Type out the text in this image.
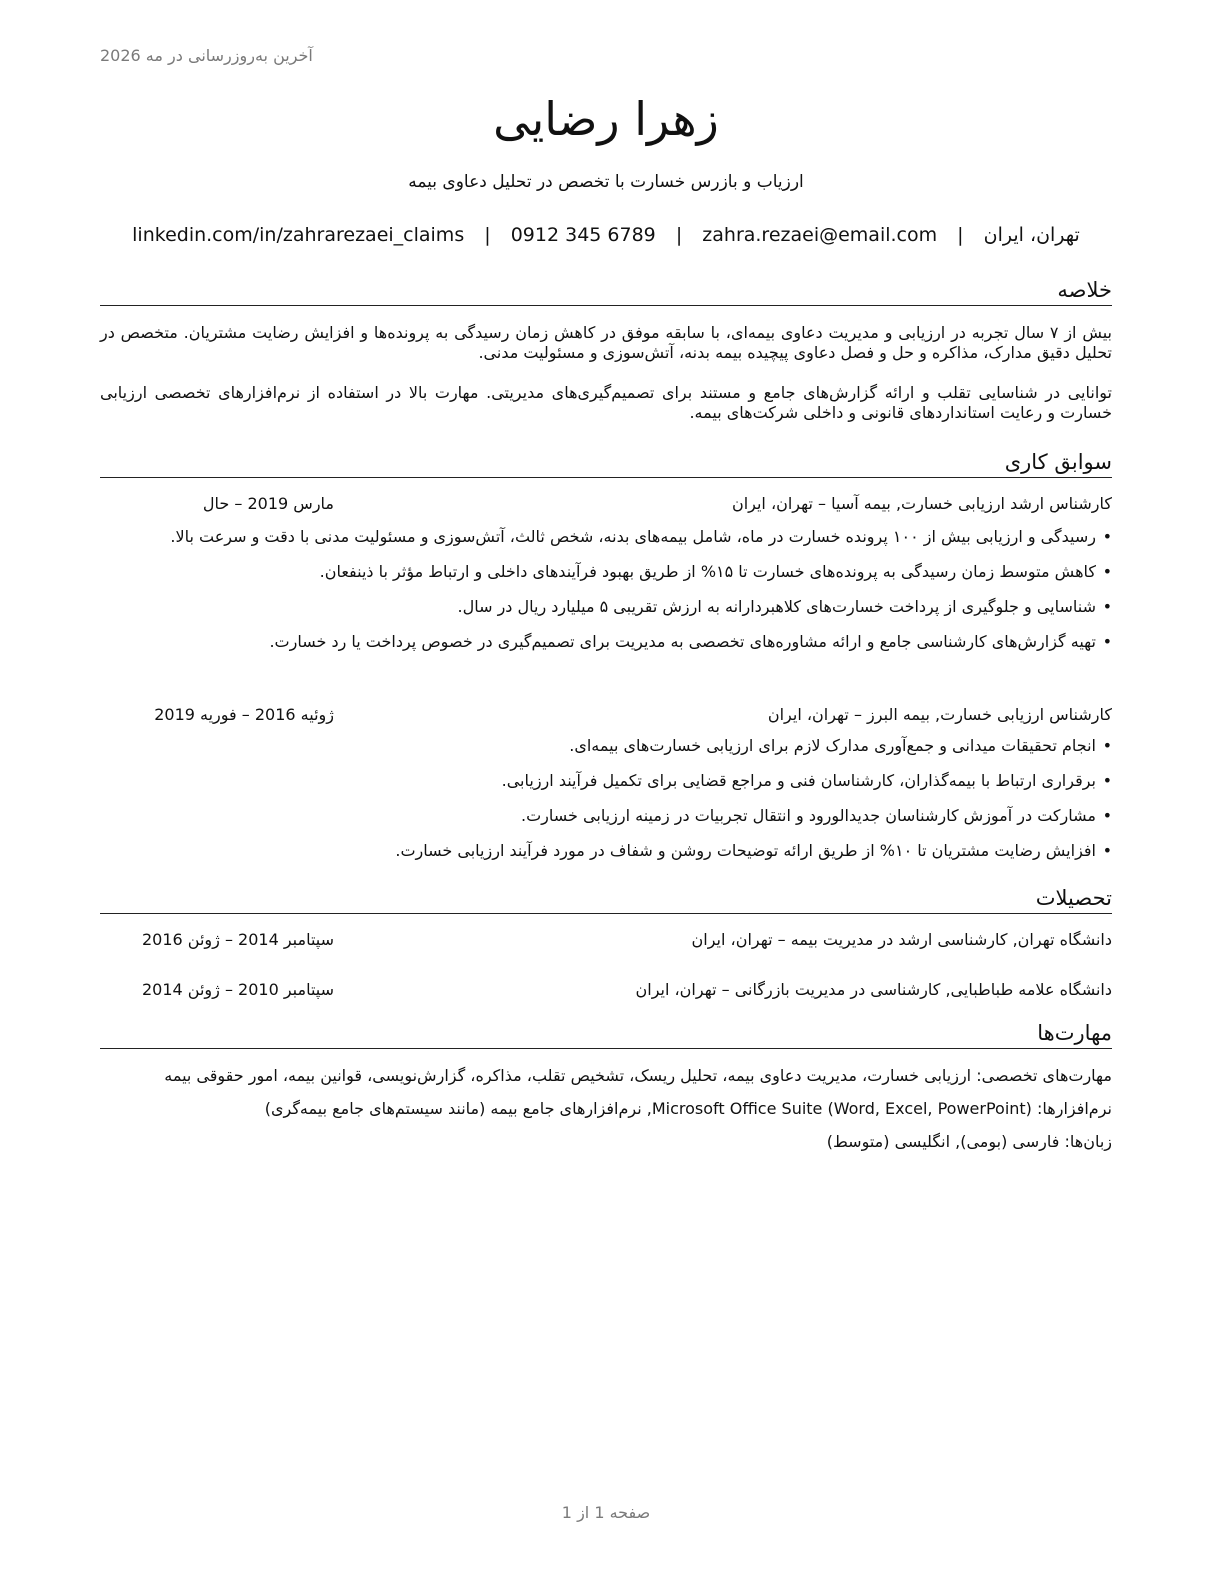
آخرین به‌روزرسانی در مه 2026
زهرا رضایی
ارزیاب و بازرس خسارت با تخصص در تحلیل دعاوی بیمه
تهران، ایران | zahra.rezaei@email.com | 0912 345 6789 | linkedin.com/in/zahrarezaei_claims
خلاصه
بیش از ۷ سال تجربه در ارزیابی و مدیریت دعاوی بیمه‌ای، با سابقه موفق در کاهش زمان رسیدگی به پرونده‌ها و افزایش رضایت مشتریان. متخصص در تحلیل دقیق مدارک، مذاکره و حل و فصل دعاوی پیچیده بیمه بدنه، آتش‌سوزی و مسئولیت مدنی.
توانایی در شناسایی تقلب و ارائه گزارش‌های جامع و مستند برای تصمیم‌گیری‌های مدیریتی. مهارت بالا در استفاده از نرم‌افزارهای تخصصی ارزیابی خسارت و رعایت استانداردهای قانونی و داخلی شرکت‌های بیمه.
سوابق کاری
کارشناس ارشد ارزیابی خسارت, بیمه آسیا – تهران، ایران
مارس 2019 – حال
• رسیدگی و ارزیابی بیش از ۱۰۰ پرونده خسارت در ماه، شامل بیمه‌های بدنه، شخص ثالث، آتش‌سوزی و مسئولیت مدنی با دقت و سرعت بالا.
• کاهش متوسط زمان رسیدگی به پرونده‌های خسارت تا ۱۵% از طریق بهبود فرآیندهای داخلی و ارتباط مؤثر با ذینفعان.
• شناسایی و جلوگیری از پرداخت خسارت‌های کلاهبردارانه به ارزش تقریبی ۵ میلیارد ریال در سال.
• تهیه گزارش‌های کارشناسی جامع و ارائه مشاوره‌های تخصصی به مدیریت برای تصمیم‌گیری در خصوص پرداخت یا رد خسارت.
کارشناس ارزیابی خسارت, بیمه البرز – تهران، ایران
ژوئیه 2016 – فوریه 2019
• انجام تحقیقات میدانی و جمع‌آوری مدارک لازم برای ارزیابی خسارت‌های بیمه‌ای.
• برقراری ارتباط با بیمه‌گذاران، کارشناسان فنی و مراجع قضایی برای تکمیل فرآیند ارزیابی.
• مشارکت در آموزش کارشناسان جدیدالورود و انتقال تجربیات در زمینه ارزیابی خسارت.
• افزایش رضایت مشتریان تا ۱۰% از طریق ارائه توضیحات روشن و شفاف در مورد فرآیند ارزیابی خسارت.
تحصیلات
دانشگاه تهران, کارشناسی ارشد در مدیریت بیمه – تهران، ایران
سپتامبر 2014 – ژوئن 2016
دانشگاه علامه طباطبایی, کارشناسی در مدیریت بازرگانی – تهران، ایران
سپتامبر 2010 – ژوئن 2014
مهارت‌ها
مهارت‌های تخصصی: ارزیابی خسارت، مدیریت دعاوی بیمه، تحلیل ریسک، تشخیص تقلب، مذاکره، گزارش‌نویسی، قوانین بیمه، امور حقوقی بیمه
نرم‌افزارها: Microsoft Office Suite (Word, Excel, PowerPoint), نرم‌افزارهای جامع بیمه (مانند سیستم‌های جامع بیمه‌گری)
زبان‌ها: فارسی (بومی), انگلیسی (متوسط)
صفحه 1 از 1
